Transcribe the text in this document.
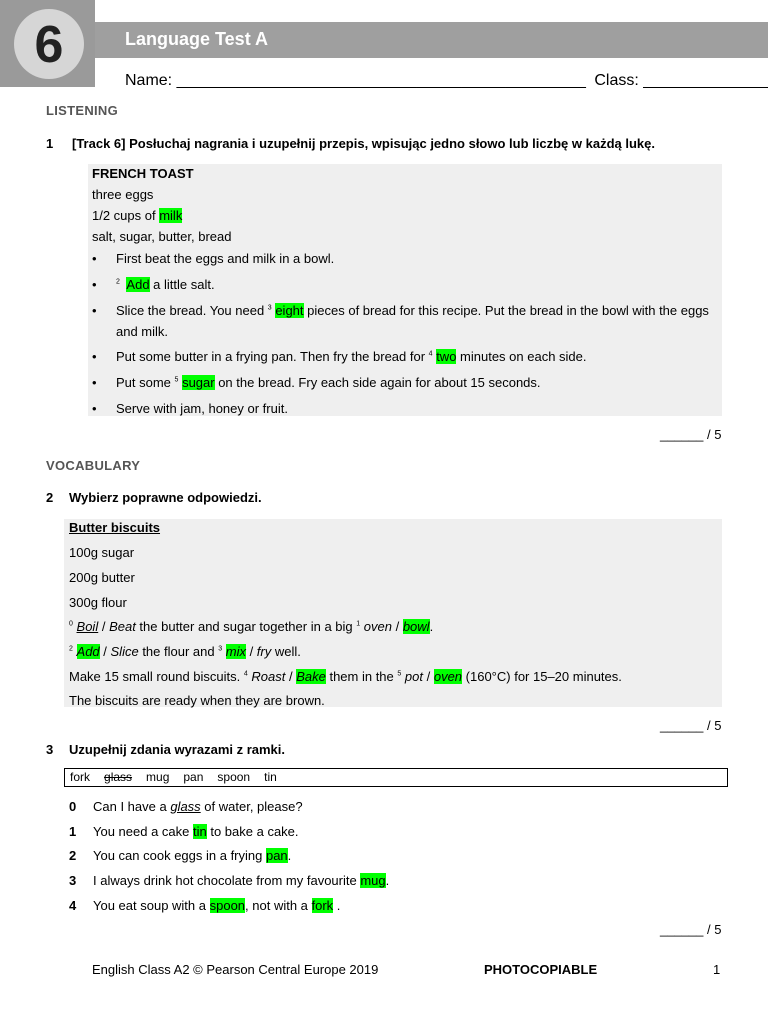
6	Language Test A
Name: ______________________________________________ Class: ______________
LISTENING
1 [Track 6] Posłuchaj nagrania i uzupełnij przepis, wpisując jedno słowo lub liczbę w każdą lukę.
FRENCH TOAST
three eggs
1/2 cups of milk
salt, sugar, butter, bread
• First beat the eggs and milk in a bowl.
•	$^2$ Add a little salt.
• Slice the bread. You need $^3$ eight pieces of bread for this recipe. Put the bread in the bowl with the eggs and milk.
• Put some butter in a frying pan. Then fry the bread for $^4$ two minutes on each side.
• Put some $^5$ sugar on the bread. Fry each side again for about 15 seconds.
• Serve with jam, honey or fruit.
______ / 5
VOCABULARY
2 Wybierz poprawne odpowiedzi.
Butter biscuits
100g sugar
200g butter
300g flour
$^0$ Boil / Beat the butter and sugar together in a big $^1$ oven / bowl.
$^2$ Add / Slice the flour and $^3$ mix / fry well.
Make 15 small round biscuits. $^4$ Roast / Bake them in the $^5$ pot / oven (160°C) for 15–20 minutes.
The biscuits are ready when they are brown.
______ / 5
3 Uzupełnij zdania wyrazami z ramki.
fork glass mug pan spoon tin
0 Can I have a glass of water, please?
1 You need a cake tin to bake a cake.
2 You can cook eggs in a frying pan.
3 I always drink hot chocolate from my favourite mug.
4 You eat soup with a spoon, not with a fork .
______ / 5
English Class A2 © Pearson Central Europe 2019	PHOTOCOPIABLE	1
